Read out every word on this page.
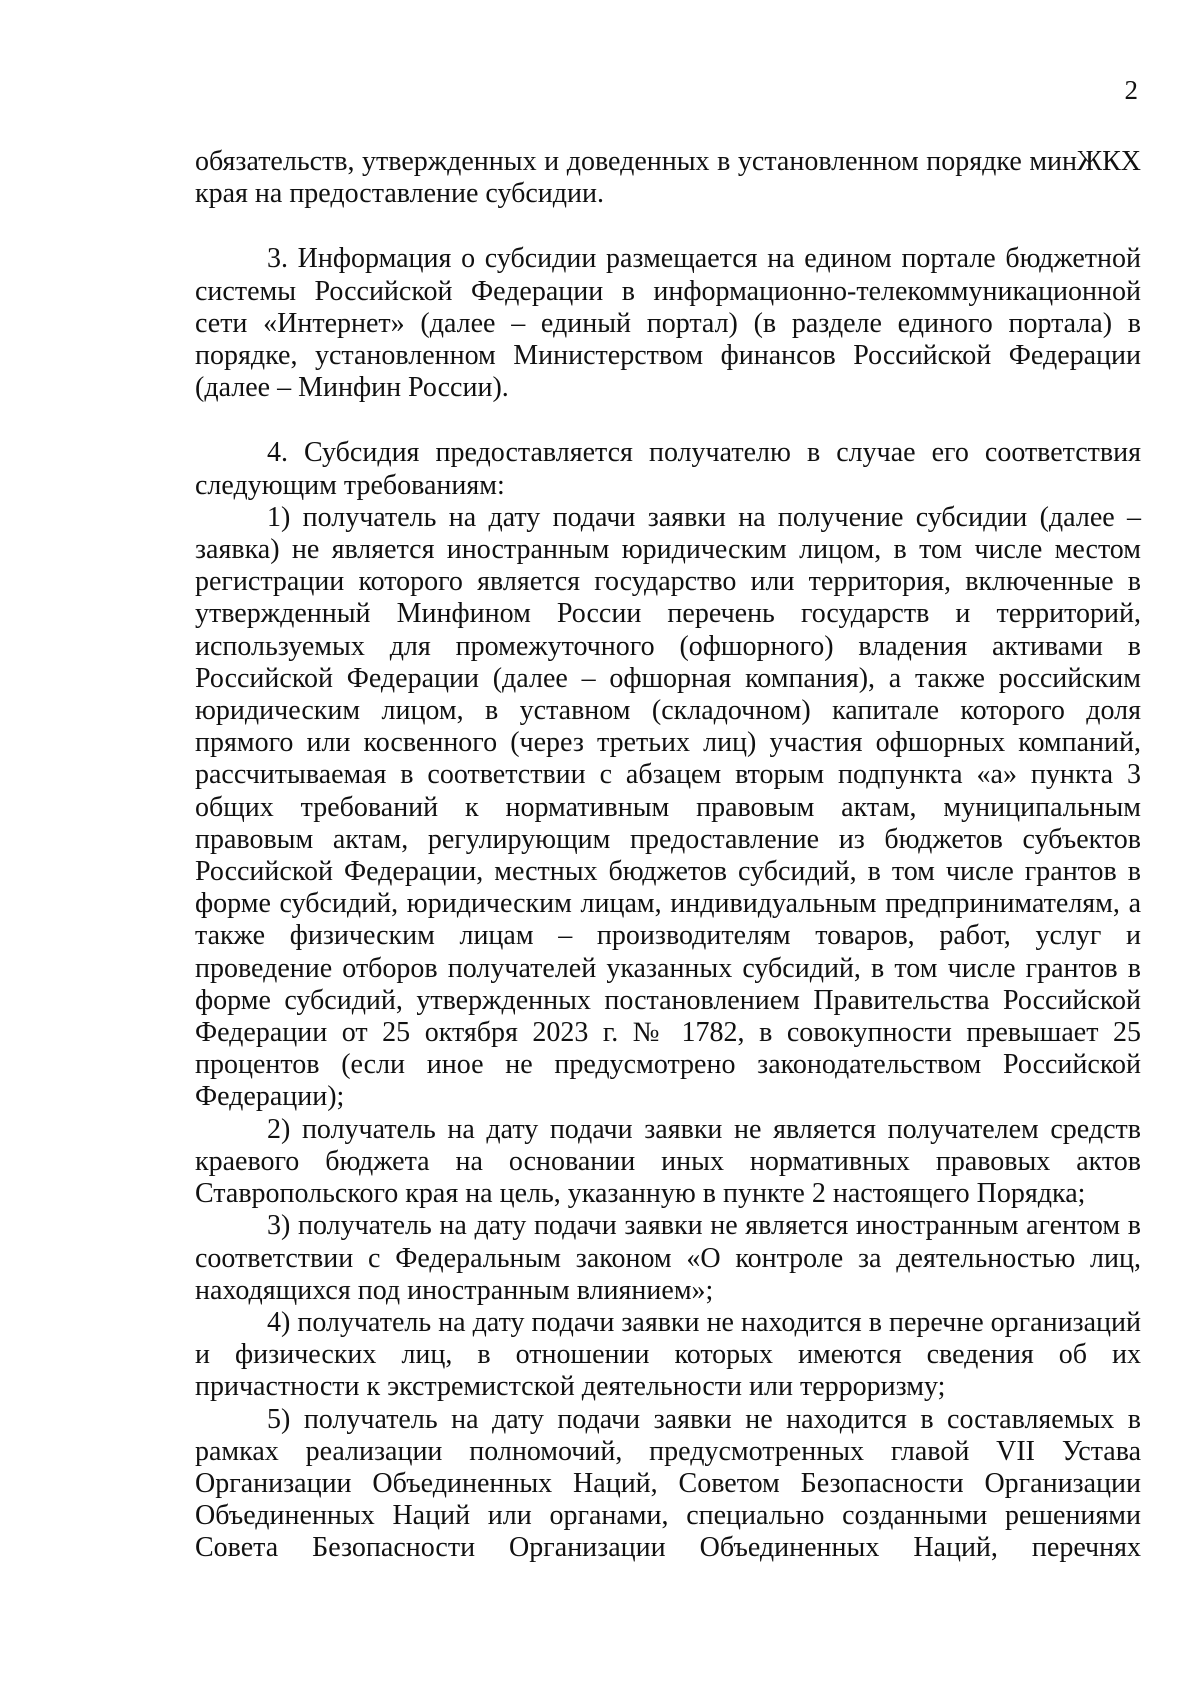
2

обязательств, утвержденных и доведенных в установленном порядке минЖКХ края на предоставление субсидии.

3. Информация о субсидии размещается на едином портале бюджетной системы Российской Федерации в информационно-телекоммуникационной сети «Интернет» (далее – единый портал) (в разделе единого портала) в порядке, установленном Министерством финансов Российской Федерации (далее – Минфин России).

4. Субсидия предоставляется получателю в случае его соответствия следующим требованиям:

1) получатель на дату подачи заявки на получение субсидии (далее – заявка) не является иностранным юридическим лицом, в том числе местом регистрации которого является государство или территория, включенные в утвержденный Минфином России перечень государств и территорий, используемых для промежуточного (офшорного) владения активами в Российской Федерации (далее – офшорная компания), а также российским юридическим лицом, в уставном (складочном) капитале которого доля прямого или косвенного (через третьих лиц) участия офшорных компаний, рассчитываемая в соответствии с абзацем вторым подпункта «а» пункта 3 общих требований к нормативным правовым актам, муниципальным правовым актам, регулирующим предоставление из бюджетов субъектов Российской Федерации, местных бюджетов субсидий, в том числе грантов в форме субсидий, юридическим лицам, индивидуальным предпринимателям, а также физическим лицам – производителям товаров, работ, услуг и проведение отборов получателей указанных субсидий, в том числе грантов в форме субсидий, утвержденных постановлением Правительства Российской Федерации от 25 октября 2023 г. № 1782, в совокупности превышает 25 процентов (если иное не предусмотрено законодательством Российской Федерации);

2) получатель на дату подачи заявки не является получателем средств краевого бюджета на основании иных нормативных правовых актов Ставропольского края на цель, указанную в пункте 2 настоящего Порядка;

3) получатель на дату подачи заявки не является иностранным агентом в соответствии с Федеральным законом «О контроле за деятельностью лиц, находящихся под иностранным влиянием»;

4) получатель на дату подачи заявки не находится в перечне организаций и физических лиц, в отношении которых имеются сведения об их причастности к экстремистской деятельности или терроризму;

5) получатель на дату подачи заявки не находится в составляемых в рамках реализации полномочий, предусмотренных главой VII Устава Организации Объединенных Наций, Советом Безопасности Организации Объединенных Наций или органами, специально созданными решениями Совета Безопасности Организации Объединенных Наций, перечнях
